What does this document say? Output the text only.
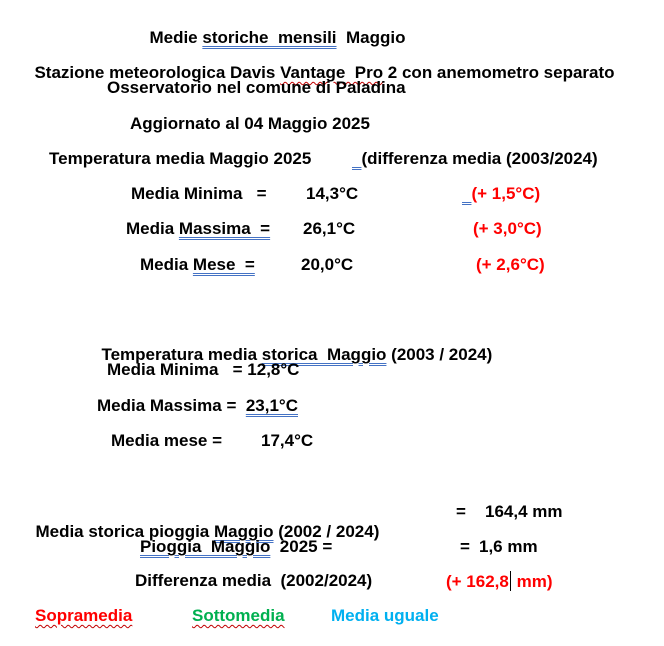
Medie storiche  mensili  Maggio

Stazione meteorologica Davis Vantage  Pro 2 con anemometro separato

Osservatorio nel comune di Paladina
Aggiornato al 04 Maggio 2025
Temperatura media Maggio 2025	(differenza media (2003/2024)
Media Minima = 14,3°C	(+ 1,5°C)
Media Massima  = 26,1°C	(+ 3,0°C)
Media Mese  =	20,0°C	(+ 2,6°C)

Temperatura media storica  Maggio (2003 / 2024)

Media Minima   = 12,8°C
Media Massima =  23,1°C
Media mese = 17,4°C

Media storica pioggia Maggio (2002 / 2024)

= 164,4 mm
Pioggia  Maggio  2025 =	= 1,6 mm
Differenza media  (2002/2024)	(+ 162,8 mm)
Sopramedia	Sottomedia	Media uguale
